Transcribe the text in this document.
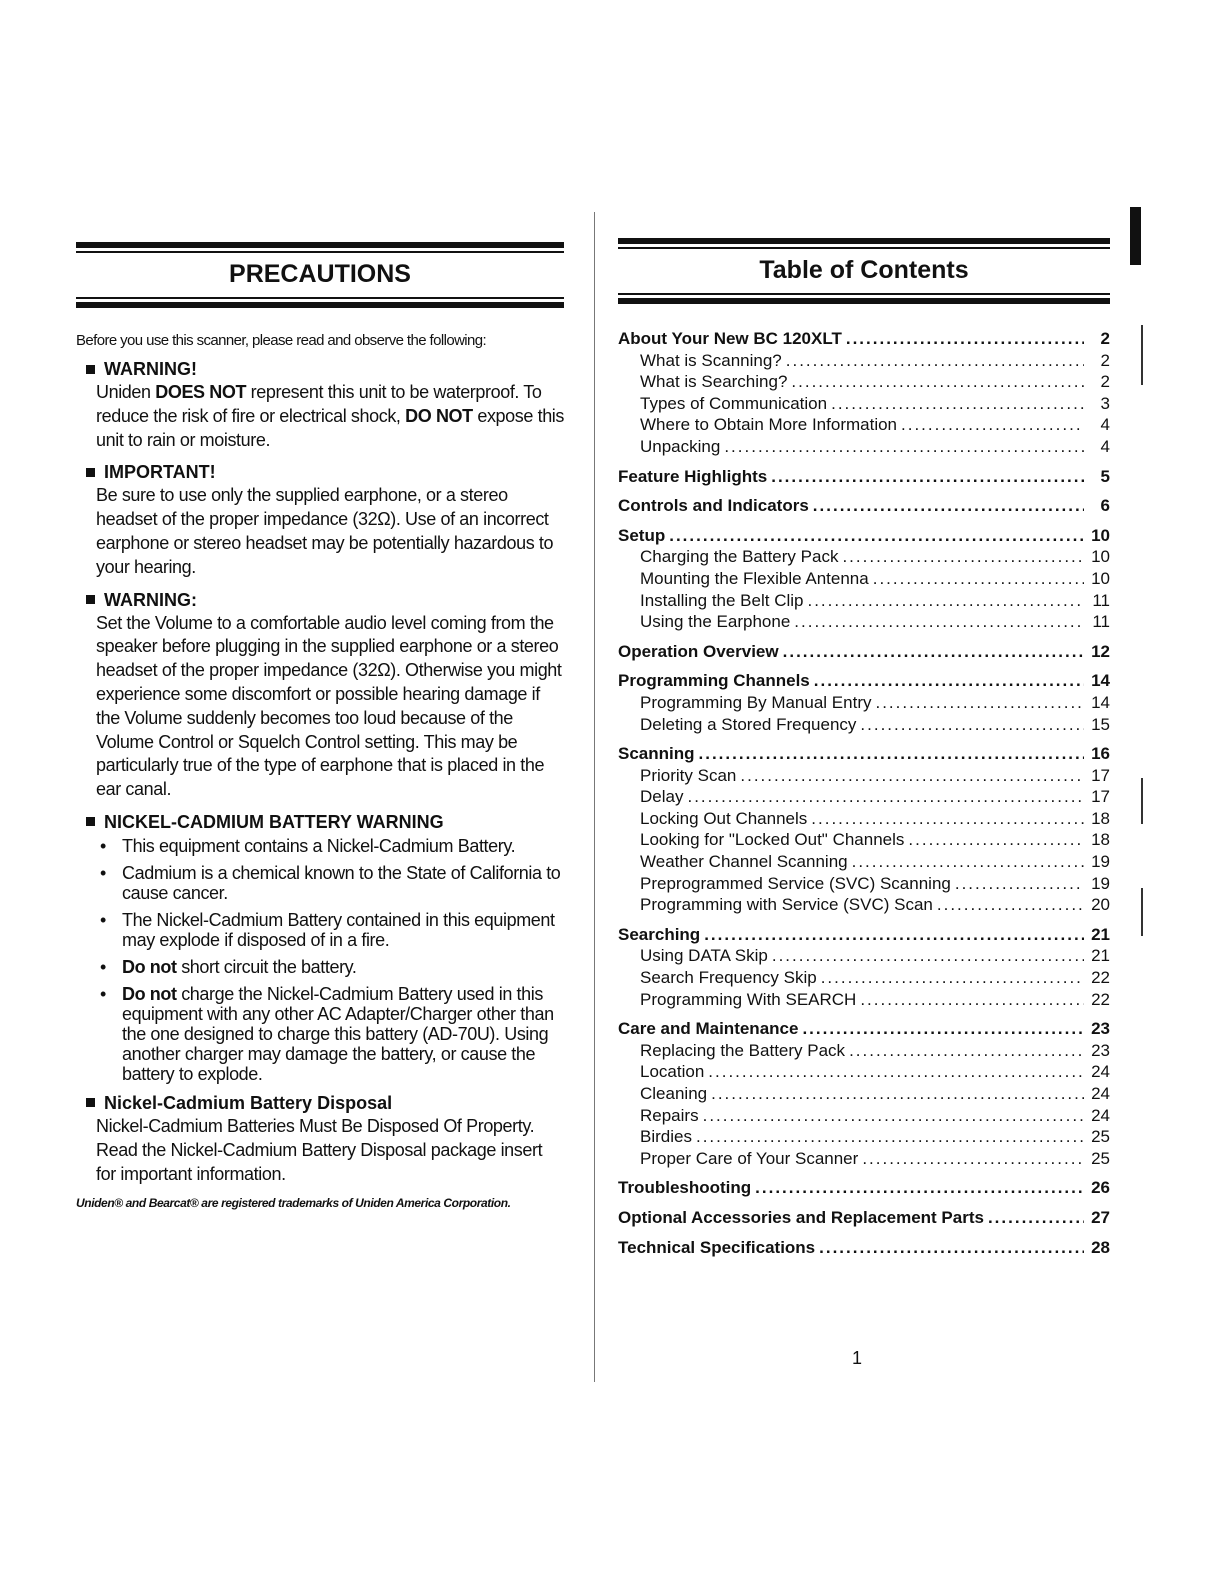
PRECAUTIONS
Before you use this scanner, please read and observe the following:
WARNING!
Uniden DOES NOT represent this unit to be waterproof. To reduce the risk of fire or electrical shock, DO NOT expose this unit to rain or moisture.
IMPORTANT!
Be sure to use only the supplied earphone, or a stereo headset of the proper impedance (32Ω). Use of an incorrect earphone or stereo headset may be potentially hazardous to your hearing.
WARNING:
Set the Volume to a comfortable audio level coming from the speaker before plugging in the supplied earphone or a stereo headset of the proper impedance (32Ω). Otherwise you might experience some discomfort or possible hearing damage if the Volume suddenly becomes too loud because of the Volume Control or Squelch Control setting. This may be particularly true of the type of earphone that is placed in the ear canal.
NICKEL-CADMIUM BATTERY WARNING
• This equipment contains a Nickel-Cadmium Battery.
• Cadmium is a chemical known to the State of California to cause cancer.
• The Nickel-Cadmium Battery contained in this equipment may explode if disposed of in a fire.
• Do not short circuit the battery.
• Do not charge the Nickel-Cadmium Battery used in this equipment with any other AC Adapter/Charger other than the one designed to charge this battery (AD-70U). Using another charger may damage the battery, or cause the battery to explode.
Nickel-Cadmium Battery Disposal
Nickel-Cadmium Batteries Must Be Disposed Of Property. Read the Nickel-Cadmium Battery Disposal package insert for important information.
Uniden® and Bearcat® are registered trademarks of Uniden America Corporation.
Table of Contents
About Your New BC 120XLT .....	2
What is Scanning? .....	2
What is Searching? .....	2
Types of Communication .....	3
Where to Obtain More Information .....	4
Unpacking .....	4
Feature Highlights .....	5
Controls and Indicators .....	6
Setup .....	10
Charging the Battery Pack .....	10
Mounting the Flexible Antenna .....	10
Installing the Belt Clip .....	11
Using the Earphone .....	11
Operation Overview .....	12
Programming Channels .....	14
Programming By Manual Entry .....	14
Deleting a Stored Frequency .....	15
Scanning .....	16
Priority Scan .....	17
Delay .....	17
Locking Out Channels .....	18
Looking for "Locked Out" Channels .....	18
Weather Channel Scanning .....	19
Preprogrammed Service (SVC) Scanning .....	19
Programming with Service (SVC) Scan .....	20
Searching .....	21
Using DATA Skip .....	21
Search Frequency Skip .....	22
Programming With SEARCH .....	22
Care and Maintenance .....	23
Replacing the Battery Pack .....	23
Location .....	24
Cleaning .....	24
Repairs .....	24
Birdies .....	25
Proper Care of Your Scanner .....	25
Troubleshooting .....	26
Optional Accessories and Replacement Parts .....	27
Technical Specifications .....	28
1
